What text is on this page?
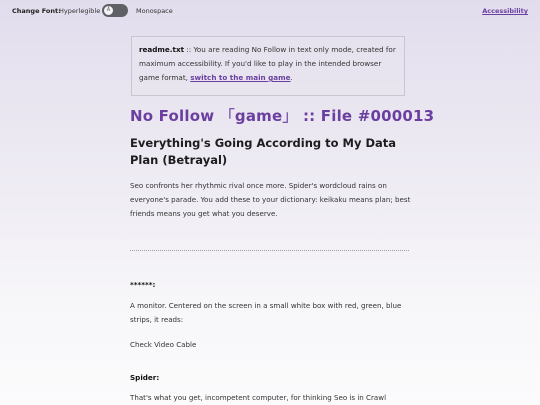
Change Font:
Hyperlegible	Â	Monospace	Accessibility
readme.txt :: You are reading No Follow in text only mode, created for maximum accessibility. If you'd like to play in the intended browser game format, switch to the main game.
No Follow 「game」 :: File #000013
Everything's Going According to My Data Plan (Betrayal)
Seo confronts her rhythmic rival once more. Spider's wordcloud rains on everyone's parade. You add these to your dictionary: keikaku means plan; best friends means you get what you deserve.
******:
A monitor. Centered on the screen in a small white box with red, green, blue strips, it reads:
Check Video Cable
Spider:
That's what you get, incompetent computer, for thinking Seo is in Crawl
